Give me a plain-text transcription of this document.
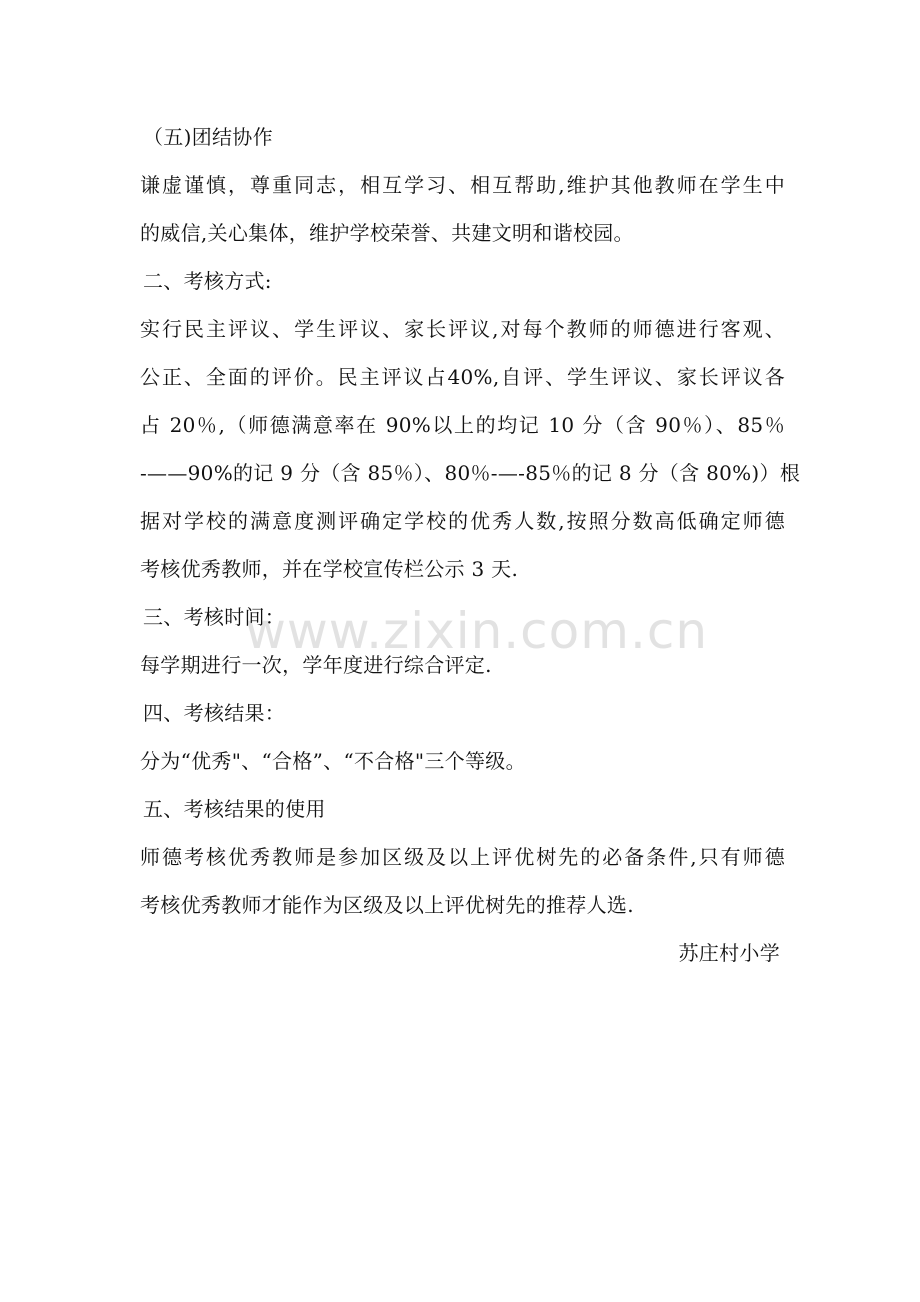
www.zixin.com.cn
（五)团结协作
谦虚谨慎，尊重同志，相互学习、相互帮助,维护其他教师在学生中
的威信,关心集体，维护学校荣誉、共建文明和谐校园。
二、考核方式:
实行民主评议、学生评议、家长评议,对每个教师的师德进行客观、
公正、全面的评价。民主评议占40%,自评、学生评议、家长评议各
占 20％,（师德满意率在 90%以上的均记 10 分（含 90％）、85％
-——90%的记 9 分（含 85％）、80％-—-85％的记 8 分（含 80%)）根
据对学校的满意度测评确定学校的优秀人数,按照分数高低确定师德
考核优秀教师，并在学校宣传栏公示 3 天.
三、考核时间：
每学期进行一次，学年度进行综合评定.
四、考核结果：
分为“优秀"、“合格”、“不合格"三个等级。
五、考核结果的使用
师德考核优秀教师是参加区级及以上评优树先的必备条件,只有师德
考核优秀教师才能作为区级及以上评优树先的推荐人选.
苏庄村小学
